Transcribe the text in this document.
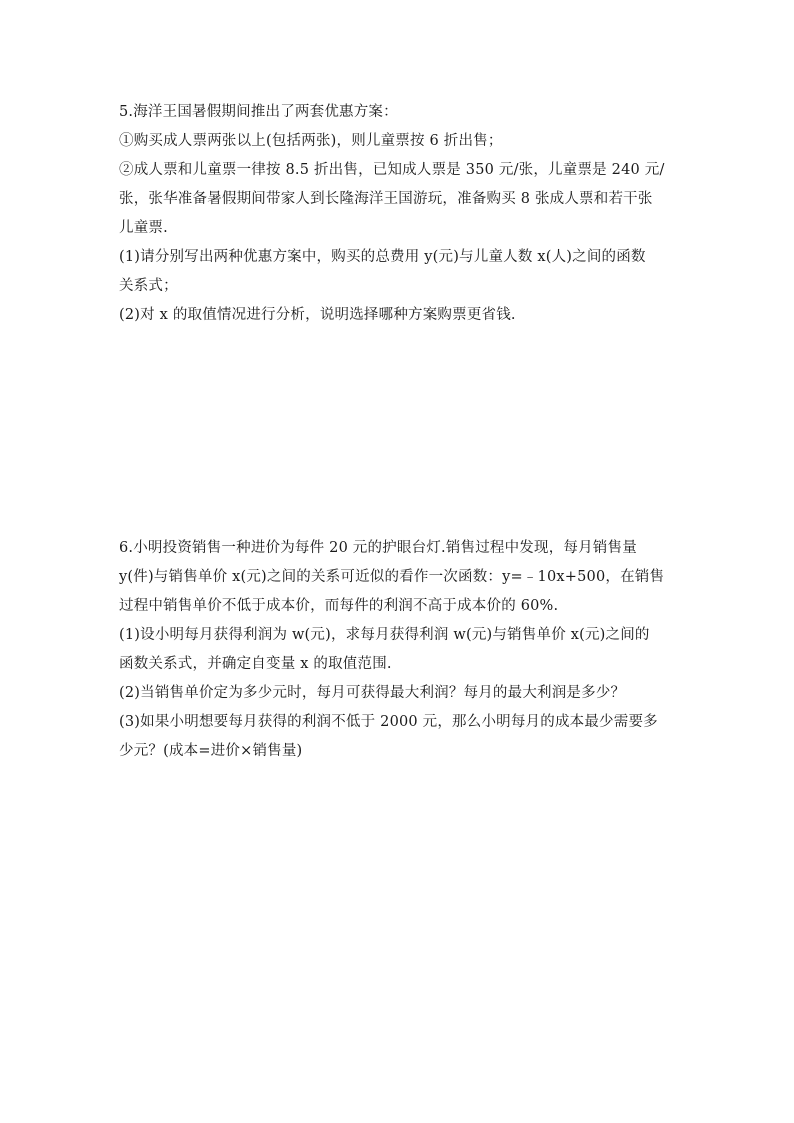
5.海洋王国暑假期间推出了两套优惠方案：
①购买成人票两张以上(包括两张)，则儿童票按 6 折出售；
②成人票和儿童票一律按 8.5 折出售，已知成人票是 350 元/张，儿童票是 240 元/
张，张华准备暑假期间带家人到长隆海洋王国游玩，准备购买 8 张成人票和若干张
儿童票.
(1)请分别写出两种优惠方案中，购买的总费用 y(元)与儿童人数 x(人)之间的函数
关系式；
(2)对 x 的取值情况进行分析，说明选择哪种方案购票更省钱.
6.小明投资销售一种进价为每件 20 元的护眼台灯.销售过程中发现，每月销售量
y(件)与销售单价 x(元)之间的关系可近似的看作一次函数：y=﹣10x+500，在销售
过程中销售单价不低于成本价，而每件的利润不高于成本价的 60%.
(1)设小明每月获得利润为 w(元)，求每月获得利润 w(元)与销售单价 x(元)之间的
函数关系式，并确定自变量 x 的取值范围.
(2)当销售单价定为多少元时，每月可获得最大利润？每月的最大利润是多少？
(3)如果小明想要每月获得的利润不低于 2000 元，那么小明每月的成本最少需要多
少元？(成本=进价×销售量)
